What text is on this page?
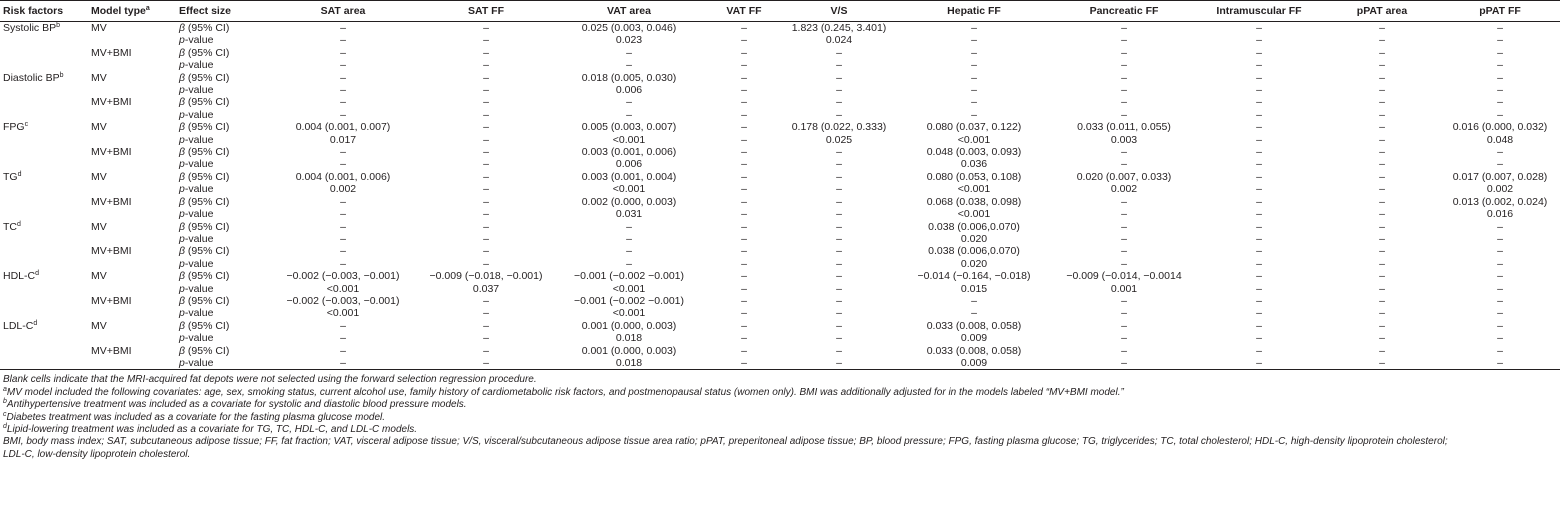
Risk factors	Model type$^a$	Effect size	SAT area	SAT FF	VAT area	VAT FF	V/S	Hepatic FF	Pancreatic FF	Intramuscular FF	pPAT area	pPAT FF
Systolic $BP^b$	MV	β (95% CI)	–	–	0.025 (0.003, 0.046)	–	1.823 (0.245, 3.401)	–	–	–	–	–
		p-value	–	–	0.023	–	0.024	–	–	–	–	–
	MV+BMI	β (95% CI)	–	–	–	–	–	–	–	–	–	–
		p-value	–	–	–	–	–	–	–	–	–	–
Diastolic $BP^b$	MV	β (95% CI)	–	–	0.018 (0.005, 0.030)	–	–	–	–	–	–	–
		p-value	–	–	0.006	–	–	–	–	–	–	–
	MV+BMI	β (95% CI)	–	–	–	–	–	–	–	–	–	–
		p-value	–	–	–	–	–	–	–	–	–	–
FPG$^c$	MV	β (95% CI)	0.004 (0.001, 0.007)	–	0.005 (0.003, 0.007)	–	0.178 (0.022, 0.333)	0.080 (0.037, 0.122)	0.033 (0.011, 0.055)	–	–	0.016 (0.000, 0.032)
		p-value	0.017	–	<0.001	–	0.025	<0.001	0.003	–	–	0.048
	MV+BMI	β (95% CI)	–	–	0.003 (0.001, 0.006)	–	–	0.048 (0.003, 0.093)	–	–	–	–
		p-value	–	–	0.006	–	–	0.036	–	–	–	–
$TG^d$	MV	β (95% CI)	0.004 (0.001, 0.006)	–	0.003 (0.001, 0.004)	–	–	0.080 (0.053, 0.108)	0.020 (0.007, 0.033)	–	–	0.017 (0.007, 0.028)
		p-value	0.002	–	<0.001	–	–	<0.001	0.002	–	–	0.002
	MV+BMI	β (95% CI)	–	–	0.002 (0.000, 0.003)	–	–	0.068 (0.038, 0.098)	–	–	–	0.013 (0.002, 0.024)
		p-value	–	–	0.031	–	–	<0.001	–	–	–	0.016
$TC^d$	MV	β (95% CI)	–	–	–	–	–	0.038 (0.006,0.070)	–	–	–	–
		p-value	–	–	–	–	–	0.020	–	–	–	–
	MV+BMI	β (95% CI)	–	–	–	–	–	0.038 (0.006,0.070)	–	–	–	–
		p-value	–	–	–	–	–	0.020	–	–	–	–
HDL-$C^d$	MV	β (95% CI)	−0.002 (−0.003, −0.001)	−0.009 (−0.018, −0.001)	−0.001 (−0.002 −0.001)	–	–	−0.014 (−0.164, −0.018)	−0.009 (−0.014, −0.0014	–	–	–
		p-value	<0.001	0.037	<0.001	–	–	0.015	0.001	–	–	–
	MV+BMI	β (95% CI)	−0.002 (−0.003, −0.001)	–	−0.001 (−0.002 −0.001)	–	–	–	–	–	–	–
		p-value	<0.001	–	<0.001	–	–	–	–	–	–	–
LDL-$C^d$	MV	β (95% CI)	–	–	0.001 (0.000, 0.003)	–	–	0.033 (0.008, 0.058)	–	–	–	–
		p-value	–	–	0.018	–	–	0.009	–	–	–	–
	MV+BMI	β (95% CI)	–	–	0.001 (0.000, 0.003)	–	–	0.033 (0.008, 0.058)	–	–	–	–
		p-value	–	–	0.018	–	–	0.009	–	–	–	–
Blank cells indicate that the MRI-acquired fat depots were not selected using the forward selection regression procedure.
$^a$MV model included the following covariates: age, sex, smoking status, current alcohol use, family history of cardiometabolic risk factors, and postmenopausal status (women only). BMI was additionally adjusted for in the models labeled “MV+BMI model.”
$^b$Antihypertensive treatment was included as a covariate for systolic and diastolic blood pressure models.
$^c$Diabetes treatment was included as a covariate for the fasting plasma glucose model.
$^d$Lipid-lowering treatment was included as a covariate for TG, TC, HDL-C, and LDL-C models.
BMI, body mass index; SAT, subcutaneous adipose tissue; FF, fat fraction; VAT, visceral adipose tissue; V/S, visceral/subcutaneous adipose tissue area ratio; pPAT, preperitoneal adipose tissue; BP, blood pressure; FPG, fasting plasma glucose; TG, triglycerides; TC, total cholesterol; HDL-C, high-density lipoprotein cholesterol; LDL-C, low-density lipoprotein cholesterol.
